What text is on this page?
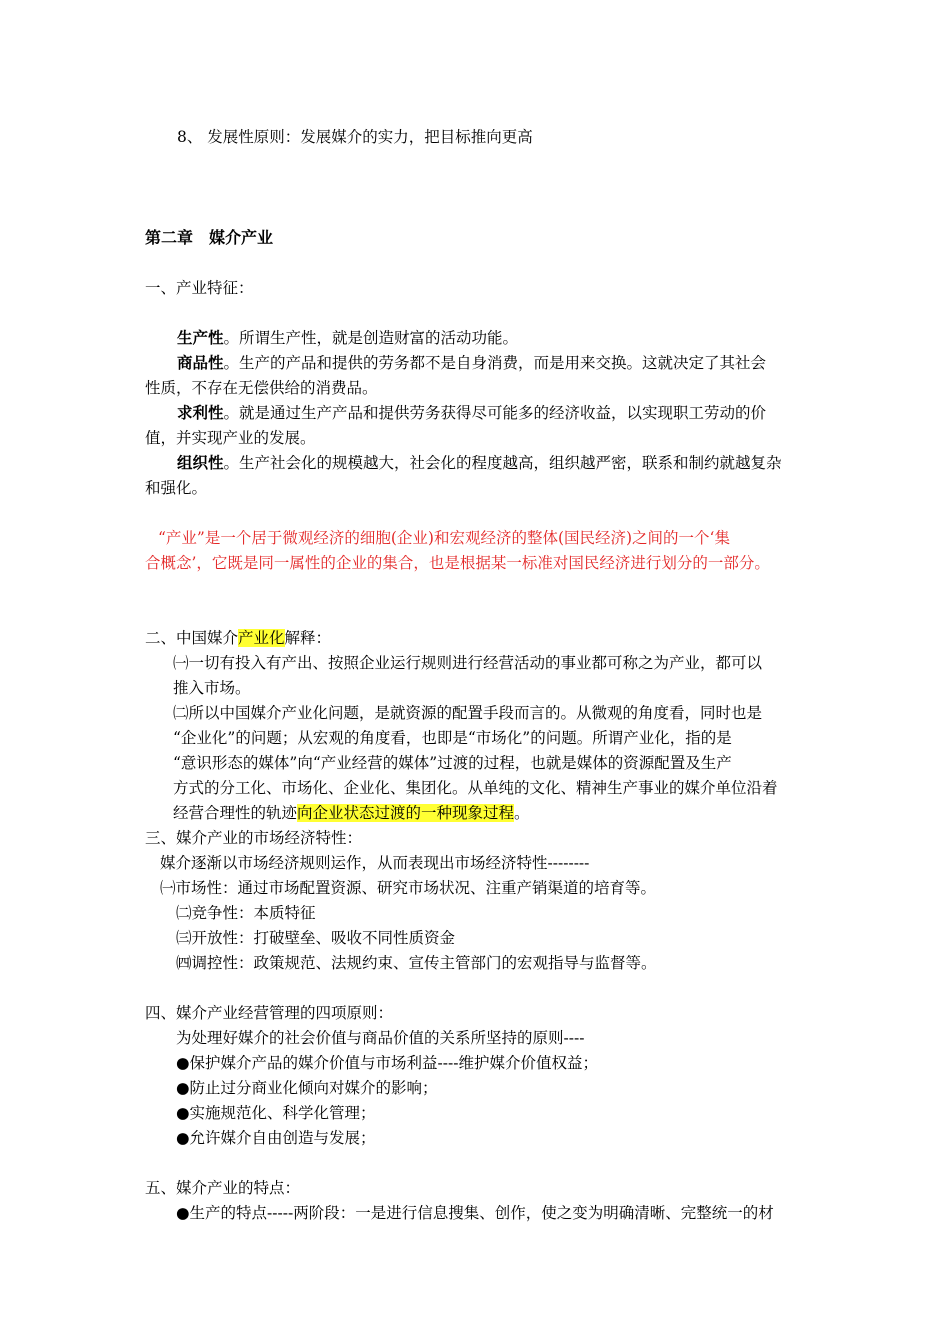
8、 发展性原则：发展媒介的实力，把目标推向更高
第二章　媒介产业
一、产业特征：
生产性。所谓生产性，就是创造财富的活动功能。
商品性。生产的产品和提供的劳务都不是自身消费，而是用来交换。这就决定了其社会
性质，不存在无偿供给的消费品。
求利性。就是通过生产产品和提供劳务获得尽可能多的经济收益，以实现职工劳动的价
值，并实现产业的发展。
组织性。生产社会化的规模越大，社会化的程度越高，组织越严密，联系和制约就越复杂
和强化。
“产业”是一个居于微观经济的细胞(企业)和宏观经济的整体(国民经济)之间的一个‘集
合概念’，它既是同一属性的企业的集合，也是根据某一标准对国民经济进行划分的一部分。
二、中国媒介产业化解释：
㈠一切有投入有产出、按照企业运行规则进行经营活动的事业都可称之为产业，都可以
推入市场。
㈡所以中国媒介产业化问题，是就资源的配置手段而言的。从微观的角度看，同时也是
“企业化”的问题；从宏观的角度看，也即是“市场化”的问题。所谓产业化，指的是
“意识形态的媒体”向“产业经营的媒体”过渡的过程，也就是媒体的资源配置及生产
方式的分工化、市场化、企业化、集团化。从单纯的文化、精神生产事业的媒介单位沿着
经营合理性的轨迹向企业状态过渡的一种现象过程。
三、媒介产业的市场经济特性：
媒介逐渐以市场经济规则运作，从而表现出市场经济特性--------
㈠市场性：通过市场配置资源、研究市场状况、注重产销渠道的培育等。
㈡竞争性：本质特征
㈢开放性：打破壁垒、吸收不同性质资金
㈣调控性：政策规范、法规约束、宣传主管部门的宏观指导与监督等。
四、媒介产业经营管理的四项原则：
为处理好媒介的社会价值与商品价值的关系所坚持的原则----
●保护媒介产品的媒介价值与市场利益----维护媒介价值权益；
●防止过分商业化倾向对媒介的影响；
●实施规范化、科学化管理；
●允许媒介自由创造与发展；
五、媒介产业的特点：
●生产的特点-----两阶段：一是进行信息搜集、创作，使之变为明确清晰、完整统一的材
